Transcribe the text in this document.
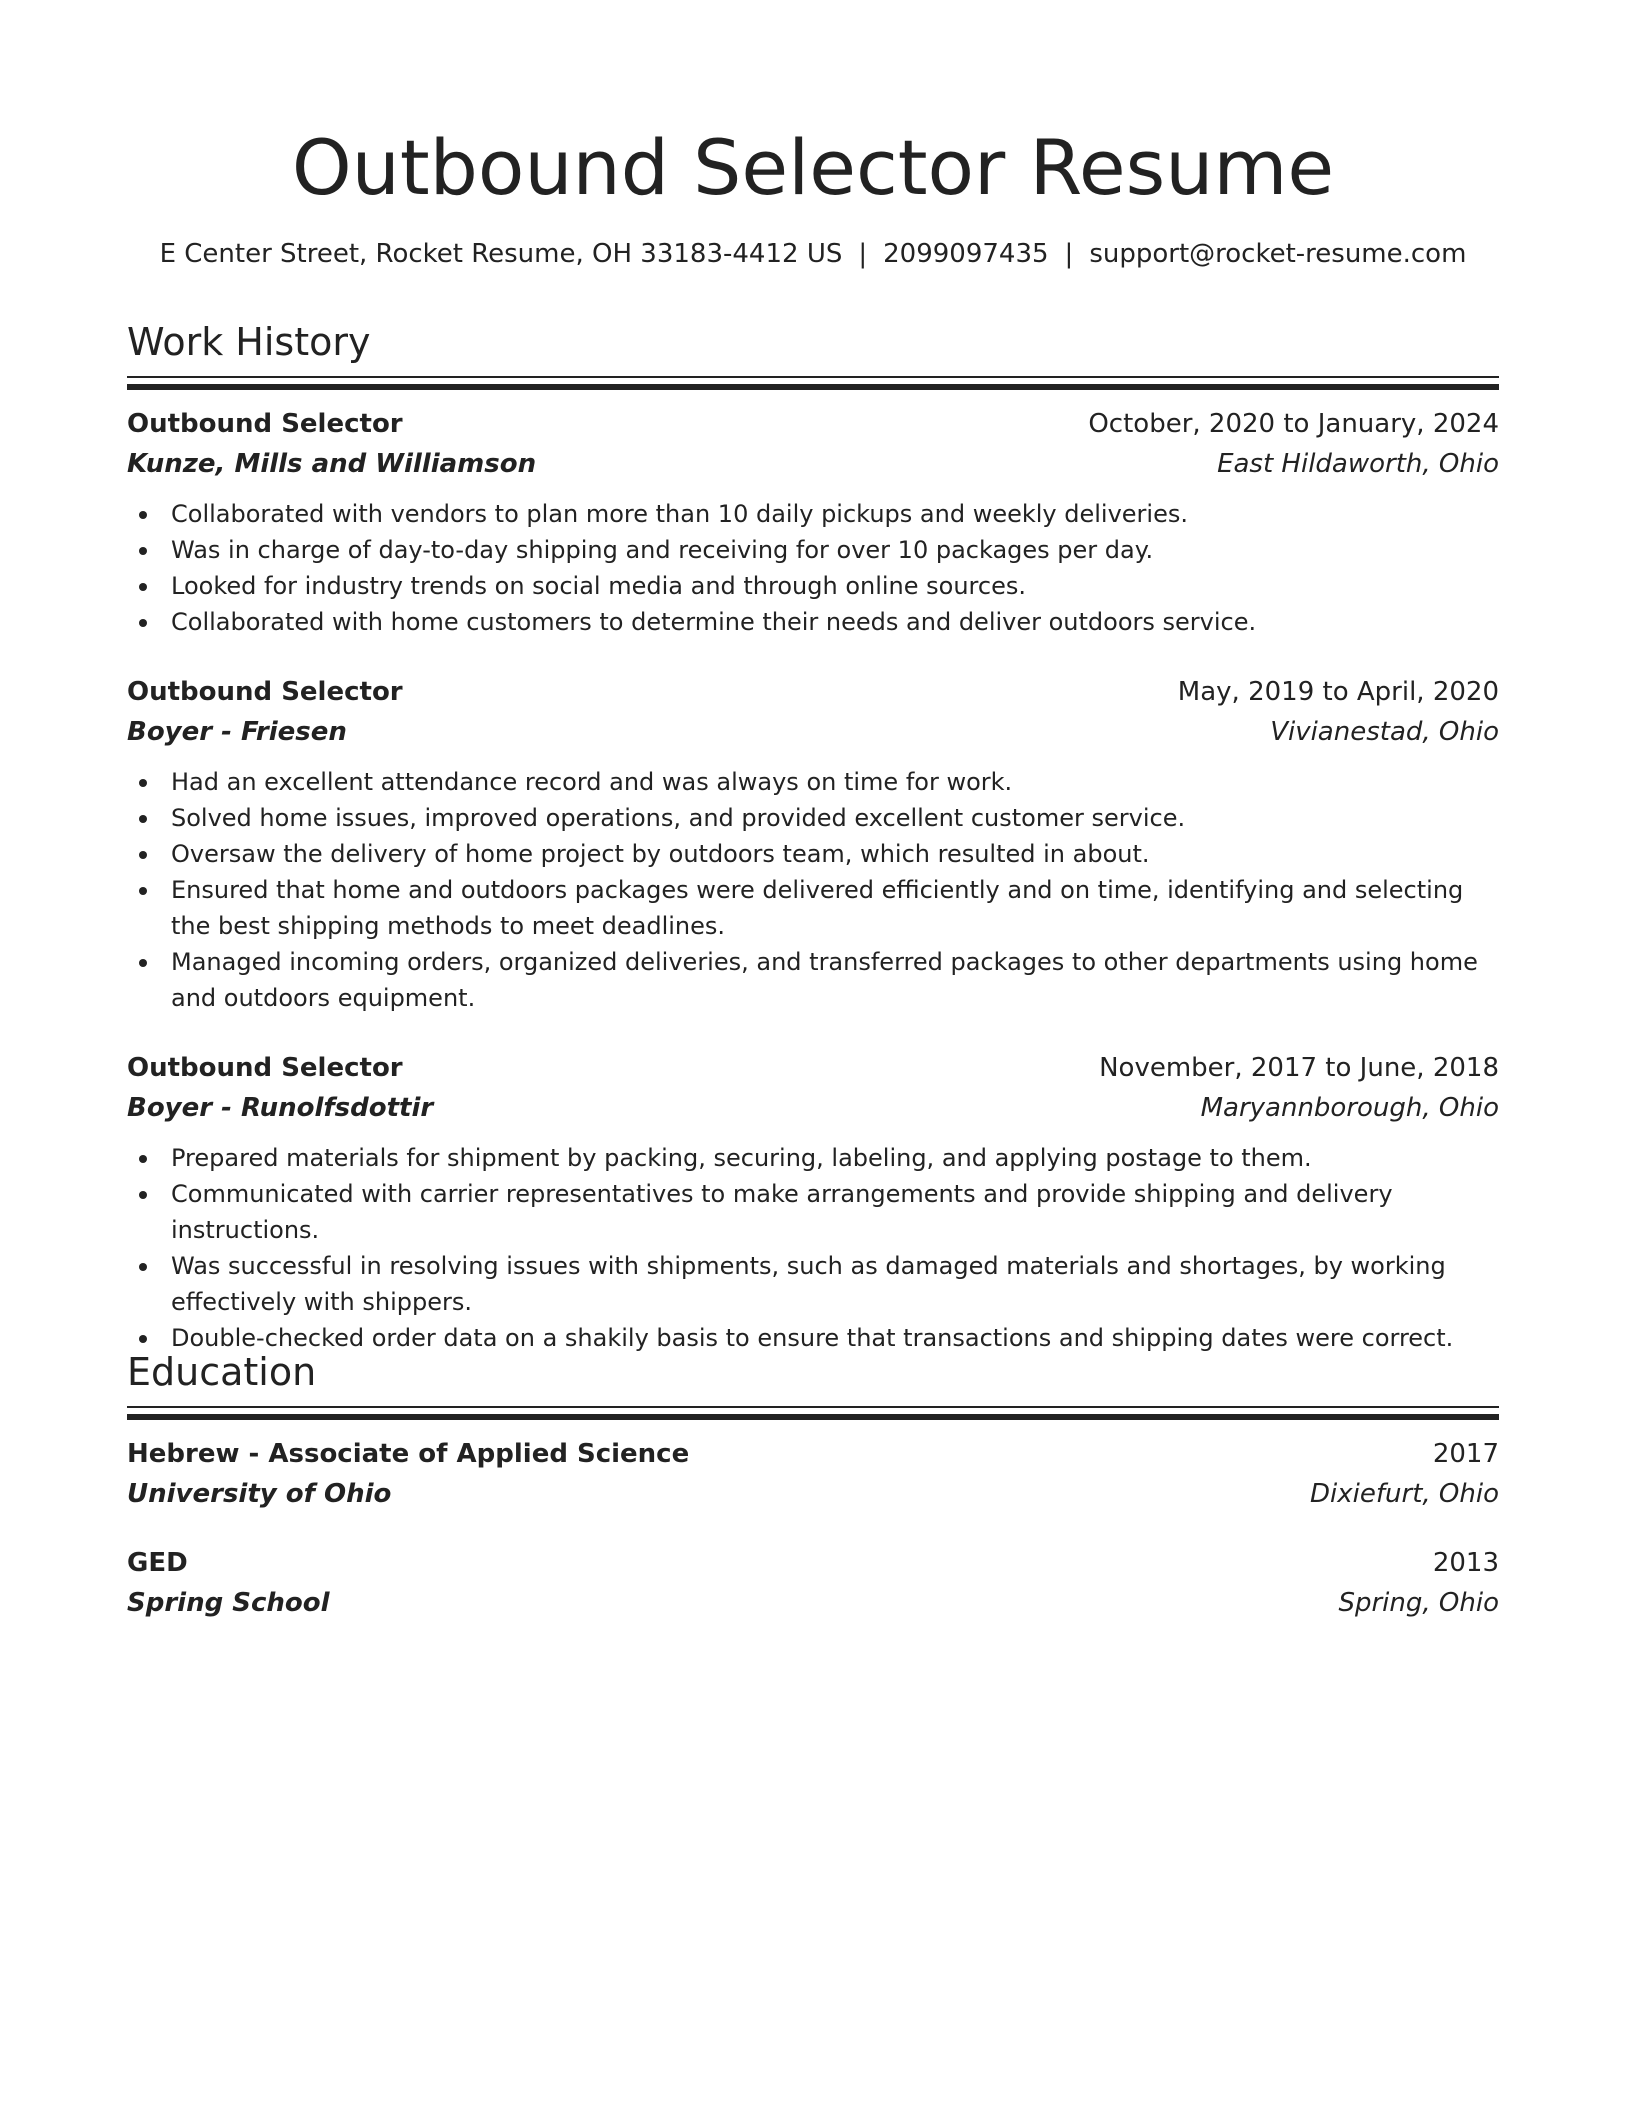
Outbound Selector Resume
E Center Street, Rocket Resume, OH 33183-4412 US | 2099097435 | support@rocket-resume.com
Work History
Outbound Selector	October, 2020 to January, 2024
Kunze, Mills and Williamson	East Hildaworth, Ohio
Collaborated with vendors to plan more than 10 daily pickups and weekly deliveries.
Was in charge of day-to-day shipping and receiving for over 10 packages per day.
Looked for industry trends on social media and through online sources.
Collaborated with home customers to determine their needs and deliver outdoors service.
Outbound Selector	May, 2019 to April, 2020
Boyer - Friesen	Vivianestad, Ohio
Had an excellent attendance record and was always on time for work.
Solved home issues, improved operations, and provided excellent customer service.
Oversaw the delivery of home project by outdoors team, which resulted in about.
Ensured that home and outdoors packages were delivered efficiently and on time, identifying and selecting the best shipping methods to meet deadlines.
Managed incoming orders, organized deliveries, and transferred packages to other departments using home and outdoors equipment.
Outbound Selector	November, 2017 to June, 2018
Boyer - Runolfsdottir	Maryannborough, Ohio
Prepared materials for shipment by packing, securing, labeling, and applying postage to them.
Communicated with carrier representatives to make arrangements and provide shipping and delivery instructions.
Was successful in resolving issues with shipments, such as damaged materials and shortages, by working effectively with shippers.
Double-checked order data on a shakily basis to ensure that transactions and shipping dates were correct.
Education
Hebrew - Associate of Applied Science	2017
University of Ohio	Dixiefurt, Ohio
GED	2013
Spring School	Spring, Ohio
